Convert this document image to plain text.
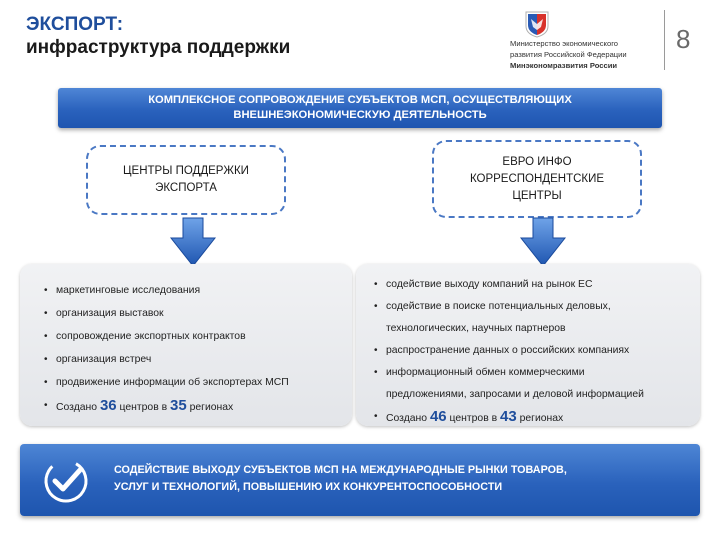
ЭКСПОРТ:
инфраструктура поддержки	Министерство экономического
развития Российской Федерации
Минэкономразвития России
8
КОМПЛЕКСНОЕ СОПРОВОЖДЕНИЕ СУБЪЕКТОВ МСП, ОСУЩЕСТВЛЯЮЩИХ
ВНЕШНЕЭКОНОМИЧЕСКУЮ ДЕЯТЕЛЬНОСТЬ
ЦЕНТРЫ ПОДДЕРЖКИ
ЭКСПОРТА
ЕВРО ИНФО
КОРРЕСПОНДЕНТСКИЕ
ЦЕНТРЫ
• маркетинговые исследования
• организация выставок
• сопровождение экспортных контрактов
• организация встреч
• продвижение информации об экспортерах МСП
• Создано 36 центров в 35 регионах
• содействие выходу компаний на рынок ЕС
• содействие в поиске потенциальных деловых,
технологических, научных партнеров
• распространение данных о российских компаниях
• информационный обмен коммерческими
предложениями, запросами и деловой информацией
• Создано 46 центров в 43 регионах
СОДЕЙСТВИЕ ВЫХОДУ СУБЪЕКТОВ МСП НА МЕЖДУНАРОДНЫЕ РЫНКИ ТОВАРОВ,
УСЛУГ И ТЕХНОЛОГИЙ, ПОВЫШЕНИЮ ИХ КОНКУРЕНТОСПОСОБНОСТИ
